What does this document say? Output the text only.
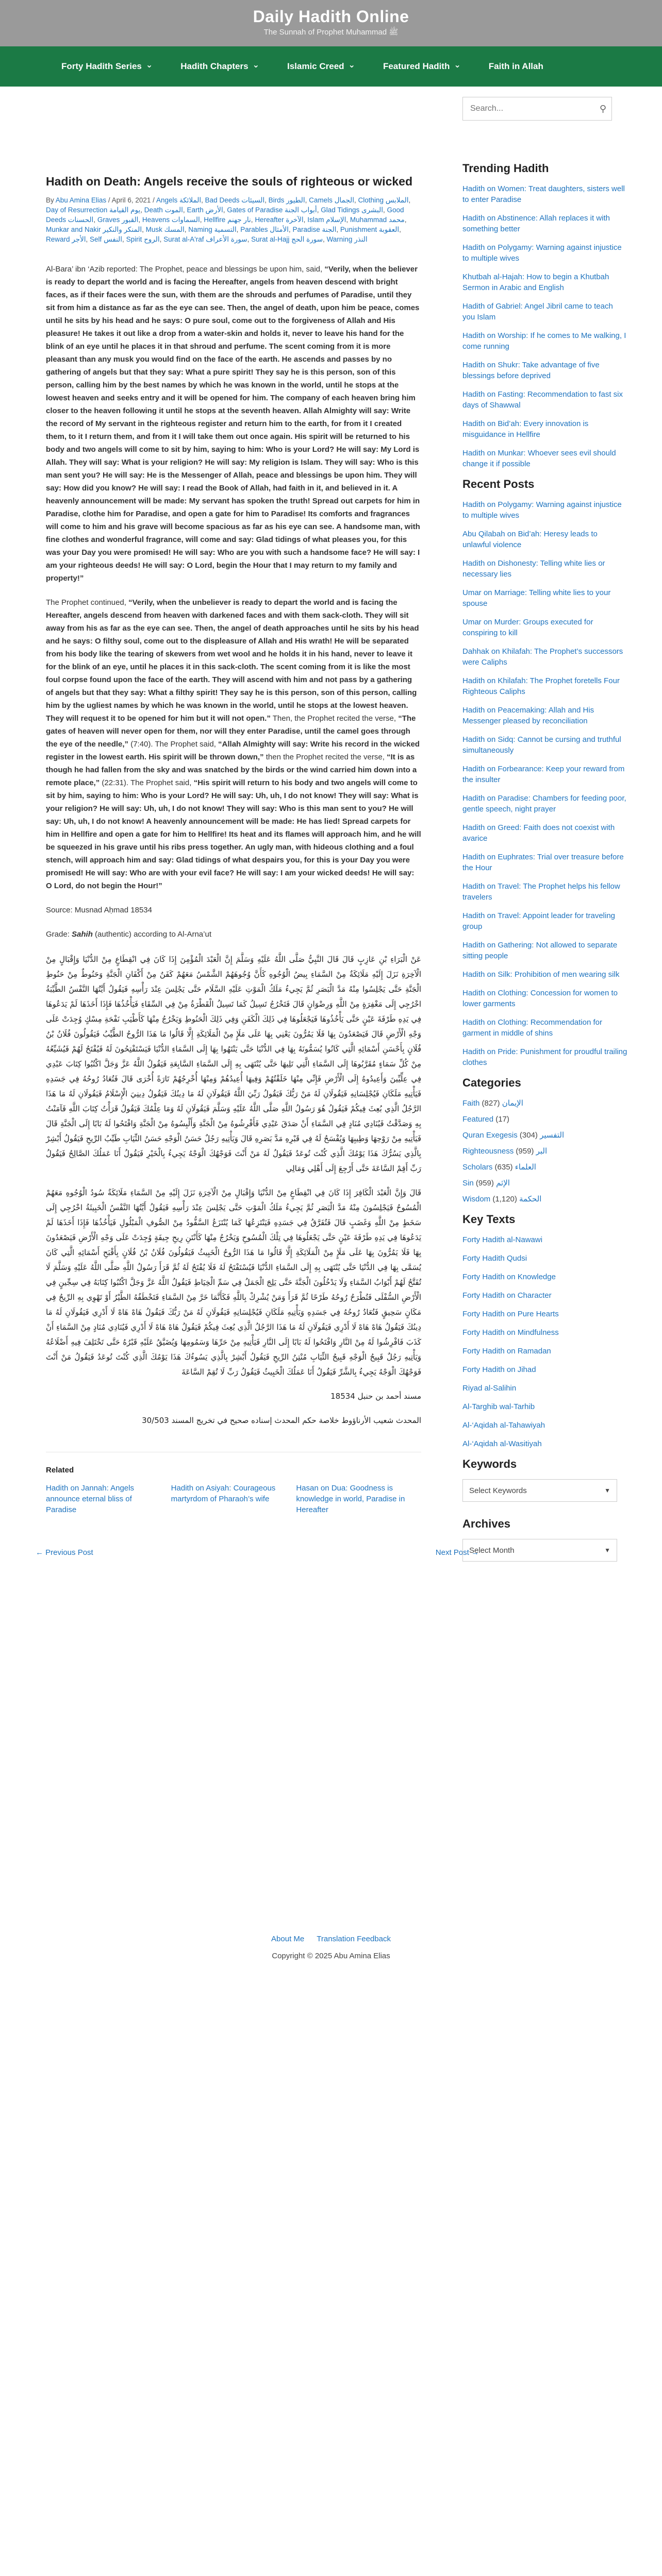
Daily Hadith Online
The Sunnah of Prophet Muhammad ﷺ
Forty Hadith Series ⌄	Hadith Chapters ⌄	Islamic Creed ⌄	Featured Hadith ⌄	Faith in Allah
Hadith on Death: Angels receive the souls of righteous or wicked
By Abu Amina Elias / April 6, 2021 / Angels الملائكة, Bad Deeds السيئات, Birds الطيور, Camels الجمال, Clothing الملابس, Day of Resurrection يوم القيامة, Death الموت, Earth الأرض, Gates of Paradise أبواب الجنة, Glad Tidings البشرى, Good Deeds الحسنات, Graves القبور, Heavens السماوات, Hellfire نار جهنم, Hereafter الآخرة, Islam الإسلام, Muhammad محمد, Munkar and Nakir المنكر والنكير, Musk المسك, Naming التسمية, Parables الأمثال, Paradise الجنة, Punishment العقوبة, Reward الأجر, Self النفس, Spirit الروح, Surat al-A'raf سورة الأعراف, Surat al-Hajj سورة الحج, Warning النذر

Al-Bara’ ibn ‘Azib reported: The Prophet, peace and blessings be upon him, said, “Verily, when the believer is ready to depart the world and is facing the Hereafter, angels from heaven descend with bright faces, as if their faces were the sun, with them are the shrouds and perfumes of Paradise, until they sit from him a distance as far as the eye can see. Then, the angel of death, upon him be peace, comes until he sits by his head and he says: O pure soul, come out to the forgiveness of Allah and His pleasure! He takes it out like a drop from a water-skin and holds it, never to leave his hand for the blink of an eye until he places it in that shroud and perfume. The scent coming from it is more pleasant than any musk you would find on the face of the earth. He ascends and passes by no gathering of angels but that they say: What a pure spirit! They say he is this person, son of this person, calling him by the best names by which he was known in the world, until he stops at the lowest heaven and seeks entry and it will be opened for him. The company of each heaven bring him closer to the heaven following it until he stops at the seventh heaven. Allah Almighty will say: Write the record of My servant in the righteous register and return him to the earth, for from it I created them, to it I return them, and from it I will take them out once again. His spirit will be returned to his body and two angels will come to sit by him, saying to him: Who is your Lord? He will say: My Lord is Allah. They will say: What is your religion? He will say: My religion is Islam. They will say: Who is this man sent you? He will say: He is the Messenger of Allah, peace and blessings be upon him. They will say: How did you know? He will say: I read the Book of Allah, had faith in it, and believed in it. A heavenly announcement will be made: My servant has spoken the truth! Spread out carpets for him in Paradise, clothe him for Paradise, and open a gate for him to Paradise! Its comforts and fragrances will come to him and his grave will become spacious as far as his eye can see. A handsome man, with fine clothes and wonderful fragrance, will come and say: Glad tidings of what pleases you, for this was your Day you were promised! He will say: Who are you with such a handsome face? He will say: I am your righteous deeds! He will say: O Lord, begin the Hour that I may return to my family and property!”

The Prophet continued, “Verily, when the unbeliever is ready to depart the world and is facing the Hereafter, angels descend from heaven with darkened faces and with them sack-cloth. They will sit away from his as far as the eye can see. Then, the angel of death approaches until he sits by his head and he says: O filthy soul, come out to the displeasure of Allah and His wrath! He will be separated from his body like the tearing of skewers from wet wool and he holds it in his hand, never to leave it for the blink of an eye, until he places it in this sack-cloth. The scent coming from it is like the most foul corpse found upon the face of the earth. They will ascend with him and not pass by a gathering of angels but that they say: What a filthy spirit! They say he is this person, son of this person, calling him by the ugliest names by which he was known in the world, until he stops at the lowest heaven. They will request it to be opened for him but it will not open.” Then, the Prophet recited the verse, “The gates of heaven will never open for them, nor will they enter Paradise, until the camel goes through the eye of the needle,” (7:40). The Prophet said, “Allah Almighty will say: Write his record in the wicked register in the lowest earth. His spirit will be thrown down,” then the Prophet recited the verse, “It is as though he had fallen from the sky and was snatched by the birds or the wind carried him down into a remote place,” (22:31). The Prophet said, “His spirit will return to his body and two angels will come to sit by him, saying to him: Who is your Lord? He will say: Uh, uh, I do not know! They will say: What is your religion? He will say: Uh, uh, I do not know! They will say: Who is this man sent to you? He will say: Uh, uh, I do not know! A heavenly announcement will be made: He has lied! Spread carpets for him in Hellfire and open a gate for him to Hellfire! Its heat and its flames will approach him, and he will be squeezed in his grave until his ribs press together. An ugly man, with hideous clothing and a foul stench, will approach him and say: Glad tidings of what despairs you, for this is your Day you were promised! He will say: Who are with your evil face? He will say: I am your wicked deeds! He will say: O Lord, do not begin the Hour!”

Source: Musnad Aḥmad 18534

Grade: Sahih (authentic) according to Al-Arna’ut

عَنْ الْبَرَاءِ بْنِ عَازِبٍ قَالَ قَالَ النَّبِيُّ صَلَّى اللَّهُ عَلَيْهِ وَسَلَّمَ إِنَّ الْعَبْدَ الْمُؤْمِنَ إِذَا كَانَ فِي انْقِطَاعٍ مِنْ الدُّنْيَا وَإِقْبَالٍ مِنْ الْآخِرَةِ نَزَلَ إِلَيْهِ مَلَائِكَةٌ مِنْ السَّمَاءِ بِيضُ الْوُجُوهِ كَأَنَّ وُجُوهَهُمْ الشَّمْسُ مَعَهُمْ كَفَنٌ مِنْ أَكْفَانِ الْجَنَّةِ وَحَنُوطٌ مِنْ حَنُوطِ الْجَنَّةِ حَتَّى يَجْلِسُوا مِنْهُ مَدَّ الْبَصَرِ ثُمَّ يَجِيءُ مَلَكُ الْمَوْتِ عَلَيْهِ السَّلَام حَتَّى يَجْلِسَ عِنْدَ رَأْسِهِ فَيَقُولُ أَيَّتُهَا النَّفْسُ الطَّيِّبَةُ اخْرُجِي إِلَى مَغْفِرَةٍ مِنْ اللَّهِ وَرِضْوَانٍ قَالَ فَتَخْرُجُ تَسِيلُ كَمَا تَسِيلُ الْقَطْرَةُ مِنْ فِي السِّقَاءِ فَيَأْخُذُهَا فَإِذَا أَخَذَهَا لَمْ يَدَعُوهَا فِي يَدِهِ طَرْفَةَ عَيْنٍ حَتَّى يَأْخُذُوهَا فَيَجْعَلُوهَا فِي ذَلِكَ الْكَفَنِ وَفِي ذَلِكَ الْحَنُوطِ وَيَخْرُجُ مِنْهَا كَأَطْيَبِ نَفْحَةِ مِسْكٍ وُجِدَتْ عَلَى وَجْهِ الْأَرْضِ قَالَ فَيَصْعَدُونَ بِهَا فَلَا يَمُرُّونَ يَعْنِي بِهَا عَلَى مَلَإٍ مِنْ الْمَلَائِكَةِ إِلَّا قَالُوا مَا هَذَا الرُّوحُ الطَّيِّبُ فَيَقُولُونَ فُلَانُ بْنُ فُلَانٍ بِأَحْسَنِ أَسْمَائِهِ الَّتِي كَانُوا يُسَمُّونَهُ بِهَا فِي الدُّنْيَا حَتَّى يَنْتَهُوا بِهَا إِلَى السَّمَاءِ الدُّنْيَا فَيَسْتَفْتِحُونَ لَهُ فَيُفْتَحُ لَهُمْ فَيُشَيِّعُهُ مِنْ كُلِّ سَمَاءٍ مُقَرَّبُوهَا إِلَى السَّمَاءِ الَّتِي تَلِيهَا حَتَّى يُنْتَهَى بِهِ إِلَى السَّمَاءِ السَّابِعَةِ فَيَقُولُ اللَّهُ عَزَّ وَجَلَّ اكْتُبُوا كِتَابَ عَبْدِي فِي عِلِّيِّينَ وَأَعِيدُوهُ إِلَى الْأَرْضِ فَإِنِّي مِنْهَا خَلَقْتُهُمْ وَفِيهَا أُعِيدُهُمْ وَمِنْهَا أُخْرِجُهُمْ تَارَةً أُخْرَى قَالَ فَتُعَادُ رُوحُهُ فِي جَسَدِهِ فَيَأْتِيهِ مَلَكَانِ فَيُجْلِسَانِهِ فَيَقُولَانِ لَهُ مَنْ رَبُّكَ فَيَقُولُ رَبِّيَ اللَّهُ فَيَقُولَانِ لَهُ مَا دِينُكَ فَيَقُولُ دِينِيَ الْإِسْلَامُ فَيَقُولَانِ لَهُ مَا هَذَا الرَّجُلُ الَّذِي بُعِثَ فِيكُمْ فَيَقُولُ هُوَ رَسُولُ اللَّهِ صَلَّى اللَّهُ عَلَيْهِ وَسَلَّمَ فَيَقُولَانِ لَهُ وَمَا عِلْمُكَ فَيَقُولُ قَرَأْتُ كِتَابَ اللَّهِ فَآمَنْتُ بِهِ وَصَدَّقْتُ فَيُنَادِي مُنَادٍ فِي السَّمَاءِ أَنْ صَدَقَ عَبْدِي فَأَفْرِشُوهُ مِنْ الْجَنَّةِ وَأَلْبِسُوهُ مِنْ الْجَنَّةِ وَافْتَحُوا لَهُ بَابًا إِلَى الْجَنَّةِ قَالَ فَيَأْتِيهِ مِنْ رَوْحِهَا وَطِيبِهَا وَيُفْسَحُ لَهُ فِي قَبْرِهِ مَدَّ بَصَرِهِ قَالَ وَيَأْتِيهِ رَجُلٌ حَسَنُ الْوَجْهِ حَسَنُ الثِّيَابِ طَيِّبُ الرِّيحِ فَيَقُولُ أَبْشِرْ بِالَّذِي يَسُرُّكَ هَذَا يَوْمُكَ الَّذِي كُنْتَ تُوعَدُ فَيَقُولُ لَهُ مَنْ أَنْتَ فَوَجْهُكَ الْوَجْهُ يَجِيءُ بِالْخَيْرِ فَيَقُولُ أَنَا عَمَلُكَ الصَّالِحُ فَيَقُولُ رَبِّ أَقِمْ السَّاعَةَ حَتَّى أَرْجِعَ إِلَى أَهْلِي وَمَالِي
قَالَ وَإِنَّ الْعَبْدَ الْكَافِرَ إِذَا كَانَ فِي انْقِطَاعٍ مِنْ الدُّنْيَا وَإِقْبَالٍ مِنْ الْآخِرَةِ نَزَلَ إِلَيْهِ مِنْ السَّمَاءِ مَلَائِكَةٌ سُودُ الْوُجُوهِ مَعَهُمْ الْمُسُوحُ فَيَجْلِسُونَ مِنْهُ مَدَّ الْبَصَرِ ثُمَّ يَجِيءُ مَلَكُ الْمَوْتِ حَتَّى يَجْلِسَ عِنْدَ رَأْسِهِ فَيَقُولُ أَيَّتُهَا النَّفْسُ الْخَبِيثَةُ اخْرُجِي إِلَى سَخَطٍ مِنْ اللَّهِ وَغَضَبٍ قَالَ فَتُفَرَّقُ فِي جَسَدِهِ فَيَنْتَزِعُهَا كَمَا يُنْتَزَعُ السَّفُّودُ مِنْ الصُّوفِ الْمَبْلُولِ فَيَأْخُذُهَا فَإِذَا أَخَذَهَا لَمْ يَدَعُوهَا فِي يَدِهِ طَرْفَةَ عَيْنٍ حَتَّى يَجْعَلُوهَا فِي تِلْكَ الْمُسُوحِ وَيَخْرُجُ مِنْهَا كَأَنْتَنِ رِيحِ جِيفَةٍ وُجِدَتْ عَلَى وَجْهِ الْأَرْضِ فَيَصْعَدُونَ بِهَا فَلَا يَمُرُّونَ بِهَا عَلَى مَلَإٍ مِنْ الْمَلَائِكَةِ إِلَّا قَالُوا مَا هَذَا الرُّوحُ الْخَبِيثُ فَيَقُولُونَ فُلَانُ بْنُ فُلَانٍ بِأَقْبَحِ أَسْمَائِهِ الَّتِي كَانَ يُسَمَّى بِهَا فِي الدُّنْيَا حَتَّى يُنْتَهَى بِهِ إِلَى السَّمَاءِ الدُّنْيَا فَيُسْتَفْتَحُ لَهُ فَلَا يُفْتَحُ لَهُ ثُمَّ قَرَأَ رَسُولُ اللَّهِ صَلَّى اللَّهُ عَلَيْهِ وَسَلَّمَ لَا تُفَتَّحُ لَهُمْ أَبْوَابُ السَّمَاءِ وَلَا يَدْخُلُونَ الْجَنَّةَ حَتَّى يَلِجَ الْجَمَلُ فِي سَمِّ الْخِيَاطِ فَيَقُولُ اللَّهُ عَزَّ وَجَلَّ اكْتُبُوا كِتَابَهُ فِي سِجِّينٍ فِي الْأَرْضِ السُّفْلَى فَتُطْرَحُ رُوحُهُ طَرْحًا ثُمَّ قَرَأَ وَمَنْ يُشْرِكْ بِاللَّهِ فَكَأَنَّمَا خَرَّ مِنْ السَّمَاءِ فَتَخْطَفُهُ الطَّيْرُ أَوْ تَهْوِي بِهِ الرِّيحُ فِي مَكَانٍ سَحِيقٍ فَتُعَادُ رُوحُهُ فِي جَسَدِهِ وَيَأْتِيهِ مَلَكَانِ فَيُجْلِسَانِهِ فَيَقُولَانِ لَهُ مَنْ رَبُّكَ فَيَقُولُ هَاهْ هَاهْ لَا أَدْرِي فَيَقُولَانِ لَهُ مَا دِينُكَ فَيَقُولُ هَاهْ هَاهْ لَا أَدْرِي فَيَقُولَانِ لَهُ مَا هَذَا الرَّجُلُ الَّذِي بُعِثَ فِيكُمْ فَيَقُولُ هَاهْ هَاهْ لَا أَدْرِي فَيُنَادِي مُنَادٍ مِنْ السَّمَاءِ أَنْ كَذَبَ فَافْرِشُوا لَهُ مِنْ النَّارِ وَافْتَحُوا لَهُ بَابًا إِلَى النَّارِ فَيَأْتِيهِ مِنْ حَرِّهَا وَسَمُومِهَا وَيُضَيَّقُ عَلَيْهِ قَبْرُهُ حَتَّى تَخْتَلِفَ فِيهِ أَضْلَاعُهُ وَيَأْتِيهِ رَجُلٌ قَبِيحُ الْوَجْهِ قَبِيحُ الثِّيَابِ مُنْتِنُ الرِّيحِ فَيَقُولُ أَبْشِرْ بِالَّذِي يَسُوءُكَ هَذَا يَوْمُكَ الَّذِي كُنْتَ تُوعَدُ فَيَقُولُ مَنْ أَنْتَ فَوَجْهُكَ الْوَجْهُ يَجِيءُ بِالشَّرِّ فَيَقُولُ أَنَا عَمَلُكَ الْخَبِيثُ فَيَقُولُ رَبِّ لَا تُقِمْ السَّاعَةَ
مسند أحمد بن حنبل 18534
المحدث شعيب الأرناؤوط خلاصة حكم المحدث إسناده صحيح في تخريج المسند 30/503
Related
Hadith on Jannah: Angels announce eternal bliss of Paradise
Hadith on Asiyah: Courageous martyrdom of Pharaoh’s wife
Hasan on Dua: Goodness is knowledge in world, Paradise in Hereafter
← Previous Post	Next Post →
Search...
⚲
Trending Hadith
Hadith on Women: Treat daughters, sisters well to enter Paradise
Hadith on Abstinence: Allah replaces it with something better
Hadith on Polygamy: Warning against injustice to multiple wives
Khutbah al-Hajah: How to begin a Khutbah Sermon in Arabic and English
Hadith of Gabriel: Angel Jibril came to teach you Islam
Hadith on Worship: If he comes to Me walking, I come running
Hadith on Shukr: Take advantage of five blessings before deprived
Hadith on Fasting: Recommendation to fast six days of Shawwal
Hadith on Bid’ah: Every innovation is misguidance in Hellfire
Hadith on Munkar: Whoever sees evil should change it if possible
Recent Posts
Hadith on Polygamy: Warning against injustice to multiple wives
Abu Qilabah on Bid’ah: Heresy leads to unlawful violence
Hadith on Dishonesty: Telling white lies or necessary lies
Umar on Marriage: Telling white lies to your spouse
Umar on Murder: Groups executed for conspiring to kill
Dahhak on Khilafah: The Prophet’s successors were Caliphs
Hadith on Khilafah: The Prophet foretells Four Righteous Caliphs
Hadith on Peacemaking: Allah and His Messenger pleased by reconciliation
Hadith on Sidq: Cannot be cursing and truthful simultaneously
Hadith on Forbearance: Keep your reward from the insulter
Hadith on Paradise: Chambers for feeding poor, gentle speech, night prayer
Hadith on Greed: Faith does not coexist with avarice
Hadith on Euphrates: Trial over treasure before the Hour
Hadith on Travel: The Prophet helps his fellow travelers
Hadith on Travel: Appoint leader for traveling group
Hadith on Gathering: Not allowed to separate sitting people
Hadith on Silk: Prohibition of men wearing silk
Hadith on Clothing: Concession for women to lower garments
Hadith on Clothing: Recommendation for garment in middle of shins
Hadith on Pride: Punishment for proudful trailing clothes
Categories
Faith (827) الإيمان
Featured (17)
Quran Exegesis (304) التفسير
Righteousness (959) البر
Scholars (635) العلماء
Sin (959) الإثم
Wisdom (1,120) الحكمة
Key Texts
Forty Hadith al-Nawawi
Forty Hadith Qudsi
Forty Hadith on Knowledge
Forty Hadith on Character
Forty Hadith on Pure Hearts
Forty Hadith on Mindfulness
Forty Hadith on Ramadan
Forty Hadith on Jihad
Riyad al-Salihin
Al-Targhib wal-Tarhib
Al-‘Aqidah al-Tahawiyah
Al-‘Aqidah al-Wasitiyah
Keywords
Select Keywords	▼
Archives
Select Month	▼
About Me Translation Feedback
Copyright © 2025 Abu Amina Elias
